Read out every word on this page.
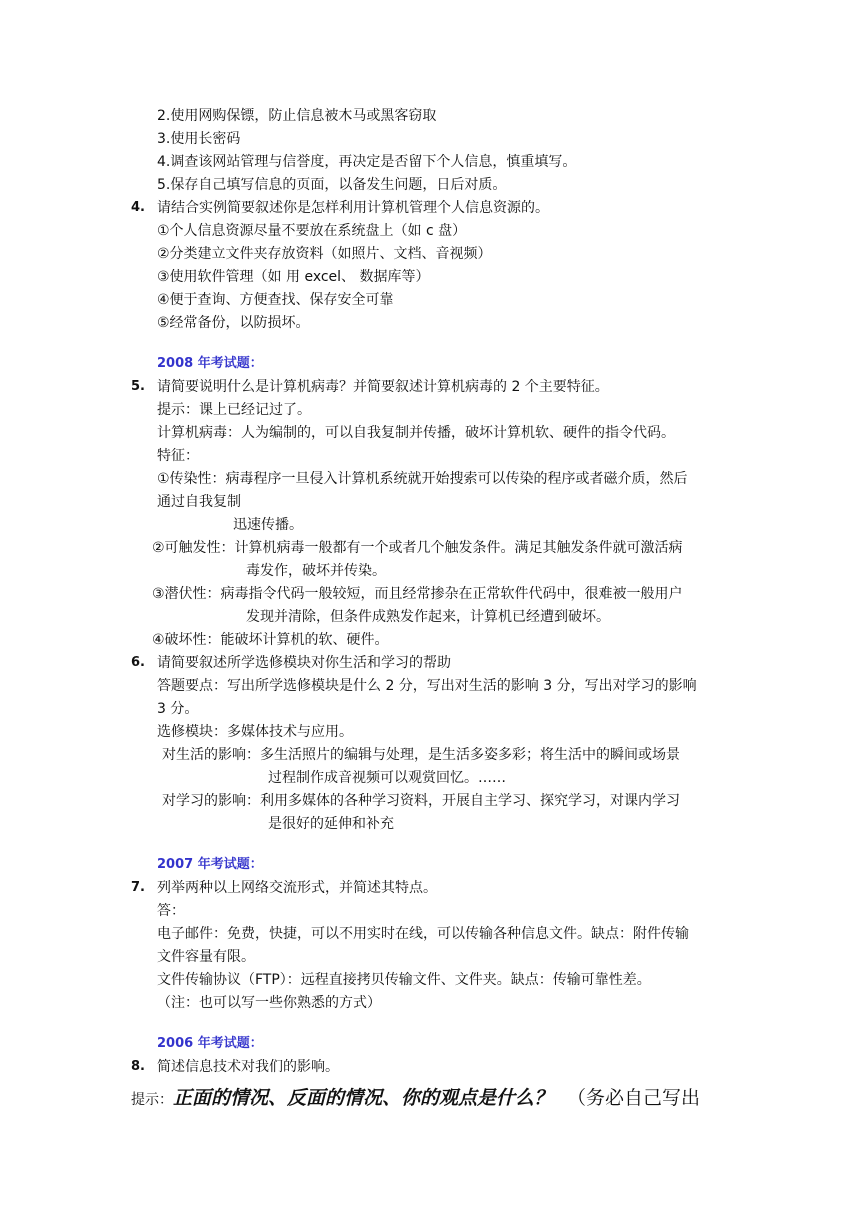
2.使用网购保镖，防止信息被木马或黑客窃取
3.使用长密码
4.调查该网站管理与信誉度，再决定是否留下个人信息，慎重填写。
5.保存自己填写信息的页面，以备发生问题，日后对质。
4. 请结合实例简要叙述你是怎样利用计算机管理个人信息资源的。
①个人信息资源尽量不要放在系统盘上（如 c 盘）
②分类建立文件夹存放资料（如照片、文档、音视频）
③使用软件管理（如 用 excel、 数据库等）
④便于查询、方便查找、保存安全可靠
⑤经常备份，以防损坏。
2008 年考试题：
5. 请简要说明什么是计算机病毒？并简要叙述计算机病毒的 2 个主要特征。
提示：课上已经记过了。
计算机病毒：人为编制的，可以自我复制并传播，破坏计算机软、硬件的指令代码。
特征：
①传染性：病毒程序一旦侵入计算机系统就开始搜索可以传染的程序或者磁介质，然后
通过自我复制
迅速传播。
②可触发性：计算机病毒一般都有一个或者几个触发条件。满足其触发条件就可激活病
毒发作，破坏并传染。
③潜伏性：病毒指令代码一般较短，而且经常掺杂在正常软件代码中，很难被一般用户
发现并清除，但条件成熟发作起来，计算机已经遭到破坏。
④破坏性：能破坏计算机的软、硬件。
6. 请简要叙述所学选修模块对你生活和学习的帮助
答题要点：写出所学选修模块是什么 2 分，写出对生活的影响 3 分，写出对学习的影响
3 分。
选修模块：多媒体技术与应用。
对生活的影响：多生活照片的编辑与处理，是生活多姿多彩；将生活中的瞬间或场景
过程制作成音视频可以观赏回忆。……
对学习的影响：利用多媒体的各种学习资料，开展自主学习、探究学习，对课内学习
是很好的延伸和补充
2007 年考试题：
7. 列举两种以上网络交流形式，并简述其特点。
答：
电子邮件：免费，快捷，可以不用实时在线，可以传输各种信息文件。缺点：附件传输
文件容量有限。
文件传输协议（FTP）：远程直接拷贝传输文件、文件夹。缺点：传输可靠性差。
（注：也可以写一些你熟悉的方式）
2006 年考试题：
8. 简述信息技术对我们的影响。
提示：正面的情况、反面的情况、你的观点是什么？ （务必自己写出
